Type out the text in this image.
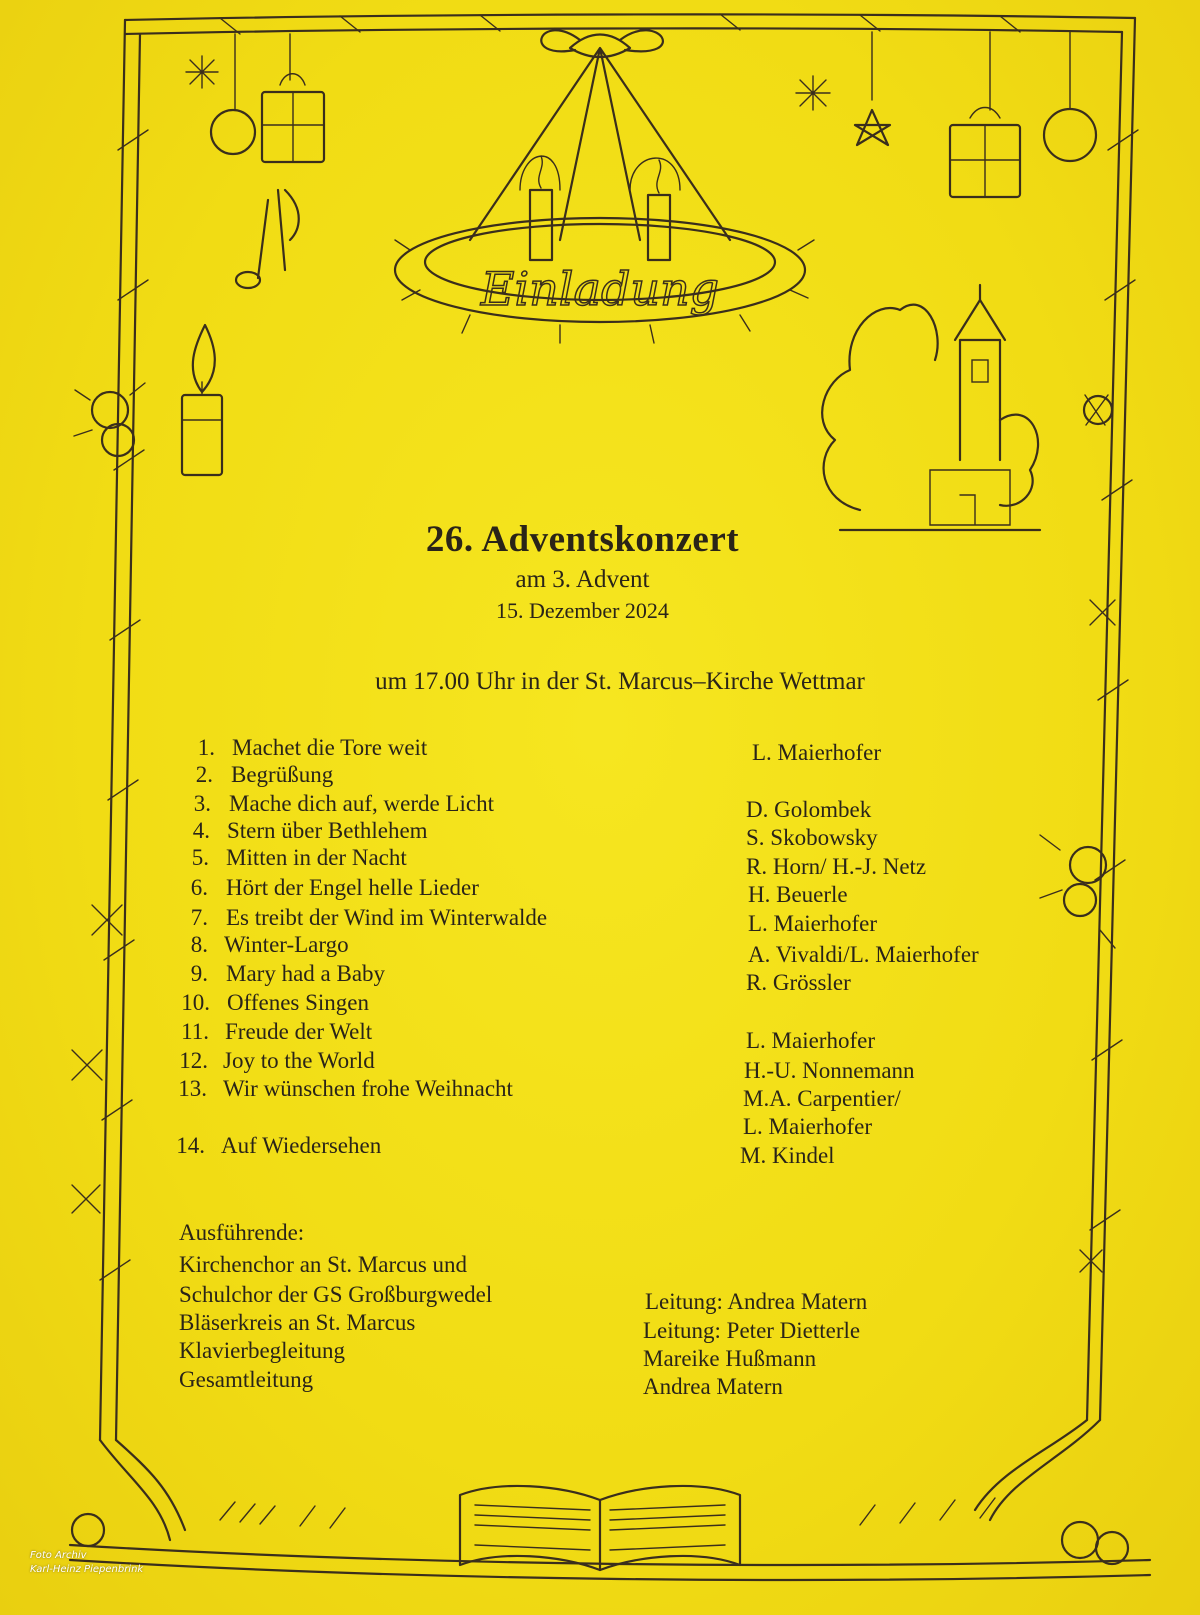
Einladung
26. Adventskonzert
am 3. Advent
15. Dezember 2024
um 17.00 Uhr in der St. Marcus–Kirche Wettmar
1. Machet die Tore weit	L. Maierhofer
2. Begrüßung
3. Mache dich auf, werde Licht	D. Golombek
4. Stern über Bethlehem	S. Skobowsky
5. Mitten in der Nacht	R. Horn/ H.-J. Netz
6. Hört der Engel helle Lieder	H. Beuerle
7. Es treibt der Wind im Winterwalde	L. Maierhofer
8. Winter-Largo	A. Vivaldi/L. Maierhofer
9. Mary had a Baby	R. Grössler
10. Offenes Singen
11. Freude der Welt	L. Maierhofer
12. Joy to the World	H.-U. Nonnemann
13. Wir wünschen frohe Weihnacht	M.A. Carpentier/
L. Maierhofer
14. Auf Wiedersehen	M. Kindel
Ausführende:
Kirchenchor an St. Marcus und
Schulchor der GS Großburgwedel	Leitung: Andrea Matern
Bläserkreis an St. Marcus	Leitung: Peter Dietterle
Klavierbegleitung	Mareike Hußmann
Gesamtleitung	Andrea Matern
Foto Archiv
Karl-Heinz Piepenbrink
